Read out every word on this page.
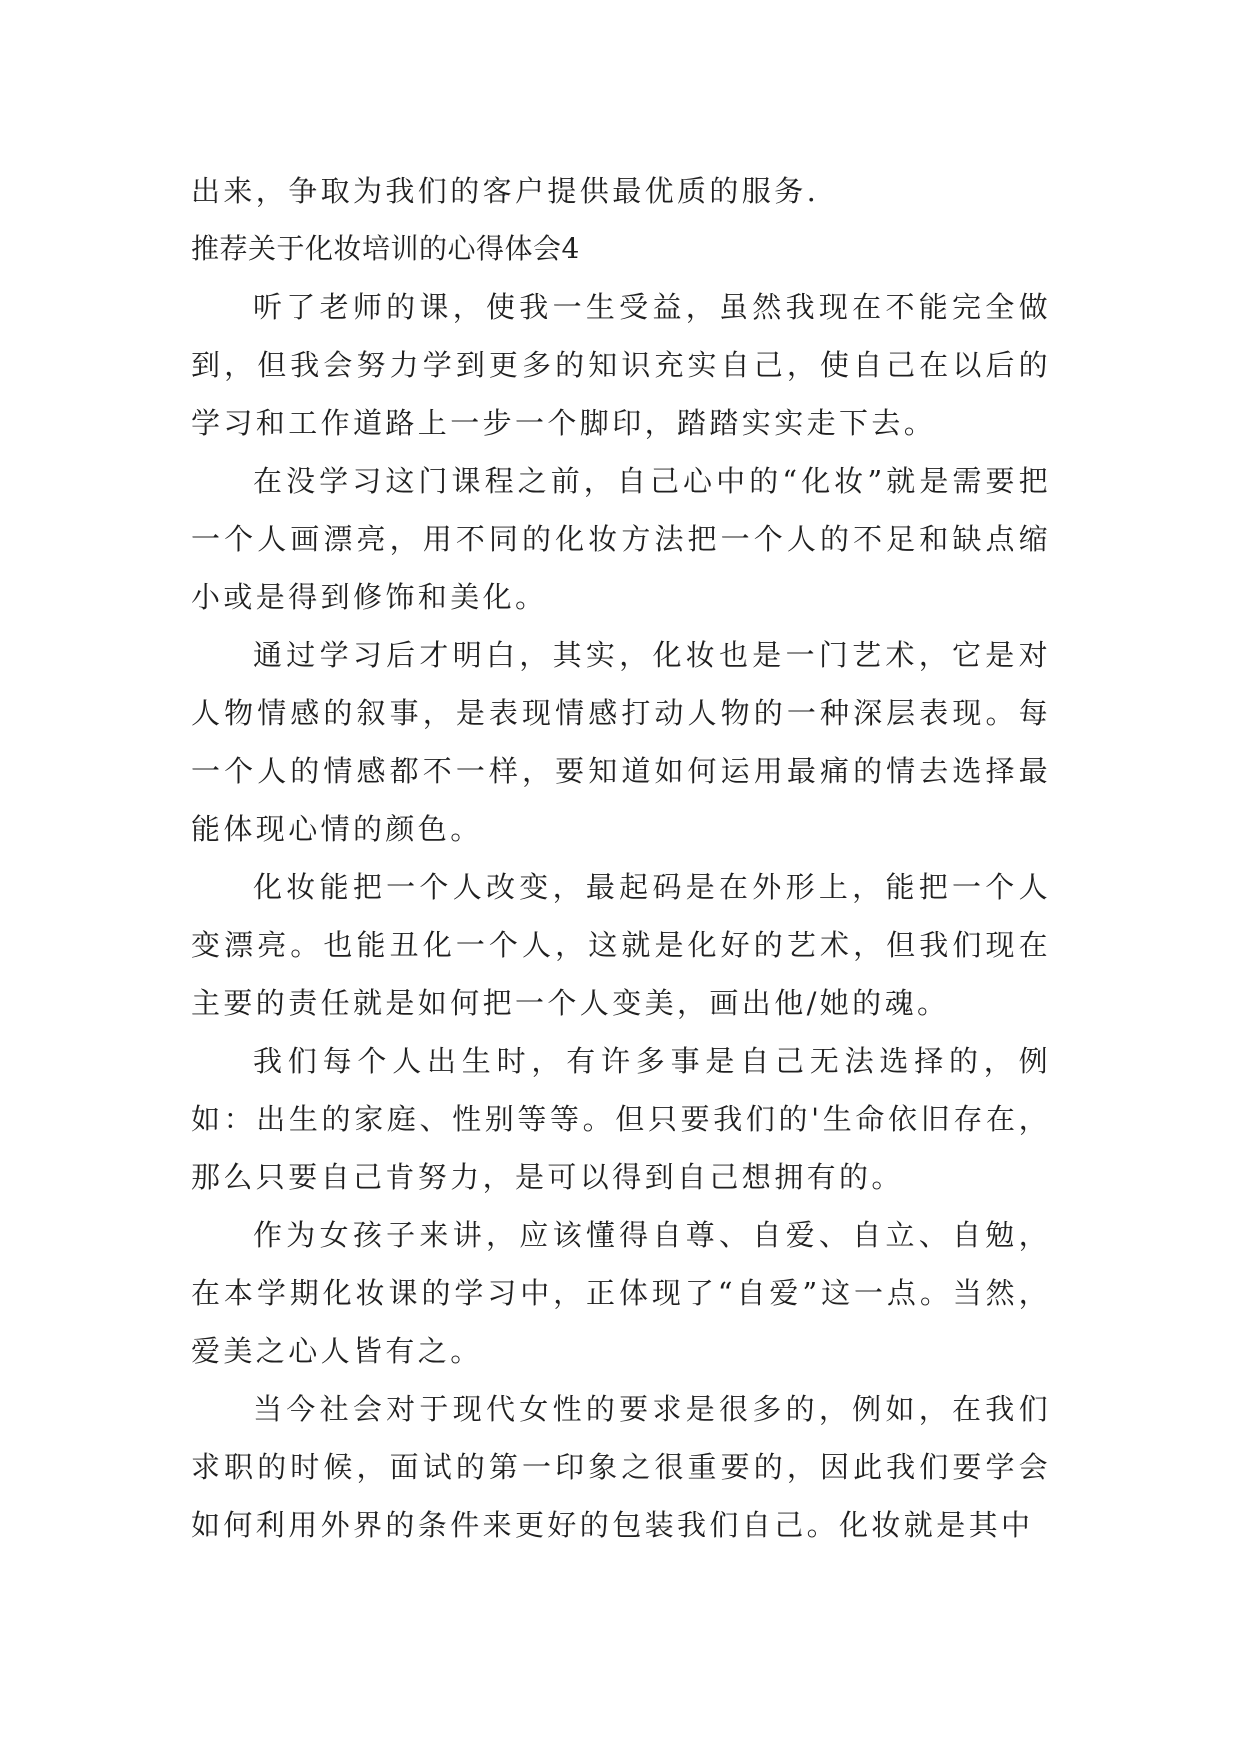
出来，争取为我们的客户提供最优质的服务.
推荐关于化妆培训的心得体会4

听了老师的课，使我一生受益，虽然我现在不能完全做到，但我会努力学到更多的知识充实自己，使自己在以后的学习和工作道路上一步一个脚印，踏踏实实走下去。

在没学习这门课程之前，自己心中的“化妆”就是需要把一个人画漂亮，用不同的化妆方法把一个人的不足和缺点缩小或是得到修饰和美化。

通过学习后才明白，其实，化妆也是一门艺术，它是对人物情感的叙事，是表现情感打动人物的一种深层表现。每一个人的情感都不一样，要知道如何运用最痛的情去选择最能体现心情的颜色。

化妆能把一个人改变，最起码是在外形上，能把一个人变漂亮。也能丑化一个人，这就是化好的艺术，但我们现在主要的责任就是如何把一个人变美，画出他/她的魂。

我们每个人出生时，有许多事是自己无法选择的，例如：出生的家庭、性别等等。但只要我们的'生命依旧存在，那么只要自己肯努力，是可以得到自己想拥有的。

作为女孩子来讲，应该懂得自尊、自爱、自立、自勉，在本学期化妆课的学习中，正体现了“自爱”这一点。当然，爱美之心人皆有之。

当今社会对于现代女性的要求是很多的，例如，在我们求职的时候，面试的第一印象之很重要的，因此我们要学会如何利用外界的条件来更好的包装我们自己。化妆就是其中
